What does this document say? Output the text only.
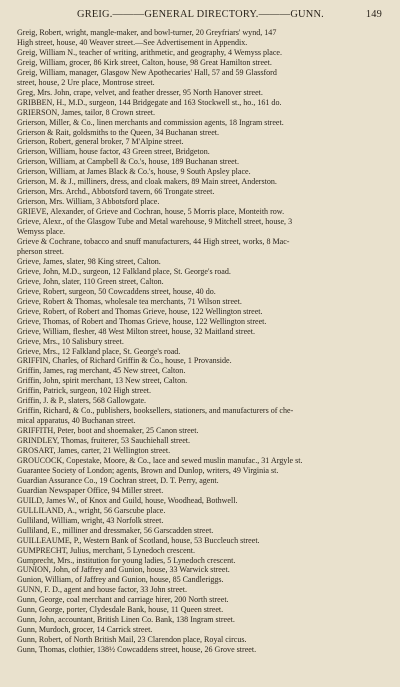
GREIG.———GENERAL DIRECTORY.———GUNN.	149
Greig, Robert, wright, mangle-maker, and bowl-turner, 20 Greyfriars' wynd, 147
High street, house, 40 Weaver street.—See Advertisement in Appendix.
Greig, William N., teacher of writing, arithmetic, and geography, 4 Wemyss place.
Greig, William, grocer, 86 Kirk street, Calton, house, 98 Great Hamilton street.
Greig, William, manager, Glasgow New Apothecaries' Hall, 57 and 59 Glassford
street, house, 2 Ure place, Montrose street.
Greg, Mrs. John, crape, velvet, and feather dresser, 95 North Hanover street.
GRIBBEN, H., M.D., surgeon, 144 Bridgegate and 163 Stockwell st., ho., 161 do.
GRIERSON, James, tailor, 8 Crown street.
Grierson, Miller, & Co., linen merchants and commission agents, 18 Ingram street.
Grierson & Rait, goldsmiths to the Queen, 34 Buchanan street.
Grierson, Robert, general broker, 7 M'Alpine street.
Grierson, William, house factor, 43 Green street, Bridgeton.
Grierson, William, at Campbell & Co.'s, house, 189 Buchanan street.
Grierson, William, at James Black & Co.'s, house, 9 South Apsley place.
Grierson, M. & J., milliners, dress, and cloak makers, 89 Main street, Anderston.
Grierson, Mrs. Archd., Abbotsford tavern, 66 Trongate street.
Grierson, Mrs. William, 3 Abbotsford place.
GRIEVE, Alexander, of Grieve and Cochran, house, 5 Morris place, Monteith row.
Grieve, Alexr., of the Glasgow Tube and Metal warehouse, 9 Mitchell street, house, 3
Wemyss place.
Grieve & Cochrane, tobacco and snuff manufacturers, 44 High street, works, 8 Mac-
pherson street.
Grieve, James, slater, 98 King street, Calton.
Grieve, John, M.D., surgeon, 12 Falkland place, St. George's road.
Grieve, John, slater, 110 Green street, Calton.
Grieve, Robert, surgeon, 50 Cowcaddens street, house, 40 do.
Grieve, Robert & Thomas, wholesale tea merchants, 71 Wilson street.
Grieve, Robert, of Robert and Thomas Grieve, house, 122 Wellington street.
Grieve, Thomas, of Robert and Thomas Grieve, house, 122 Wellington street.
Grieve, William, flesher, 48 West Milton street, house, 32 Maitland street.
Grieve, Mrs., 10 Salisbury street.
Grieve, Mrs., 12 Falkland place, St. George's road.
GRIFFIN, Charles, of Richard Griffin & Co., house, 1 Provanside.
Griffin, James, rag merchant, 45 New street, Calton.
Griffin, John, spirit merchant, 13 New street, Calton.
Griffin, Patrick, surgeon, 102 High street.
Griffin, J. & P., slaters, 568 Gallowgate.
Griffin, Richard, & Co., publishers, booksellers, stationers, and manufacturers of che-
mical apparatus, 40 Buchanan street.
GRIFFITH, Peter, boot and shoemaker, 25 Canon street.
GRINDLEY, Thomas, fruiterer, 53 Sauchiehall street.
GROSART, James, carter, 21 Wellington street.
GROUCOCK, Copestake, Moore, & Co., lace and sewed muslin manufac., 31 Argyle st.
Guarantee Society of London; agents, Brown and Dunlop, writers, 49 Virginia st.
Guardian Assurance Co., 19 Cochran street, D. T. Perry, agent.
Guardian Newspaper Office, 94 Miller street.
GUILD, James W., of Knox and Guild, house, Woodhead, Bothwell.
GULLILAND, A., wright, 56 Garscube place.
Gulliland, William, wright, 43 Norfolk street.
Gulliland, E., milliner and dressmaker, 56 Garscadden street.
GUILLEAUME, P., Western Bank of Scotland, house, 53 Buccleuch street.
GUMPRECHT, Julius, merchant, 5 Lynedoch crescent.
Gumprecht, Mrs., institution for young ladies, 5 Lynedoch crescent.
GUNION, John, of Jaffrey and Gunion, house, 33 Warwick street.
Gunion, William, of Jaffrey and Gunion, house, 85 Candleriggs.
GUNN, F. D., agent and house factor, 33 John street.
Gunn, George, coal merchant and carriage hirer, 200 North street.
Gunn, George, porter, Clydesdale Bank, house, 11 Queen street.
Gunn, John, accountant, British Linen Co. Bank, 138 Ingram street.
Gunn, Murdoch, grocer, 14 Carrick street.
Gunn, Robert, of North British Mail, 23 Clarendon place, Royal circus.
Gunn, Thomas, clothier, 138½ Cowcaddens street, house, 26 Grove street.
